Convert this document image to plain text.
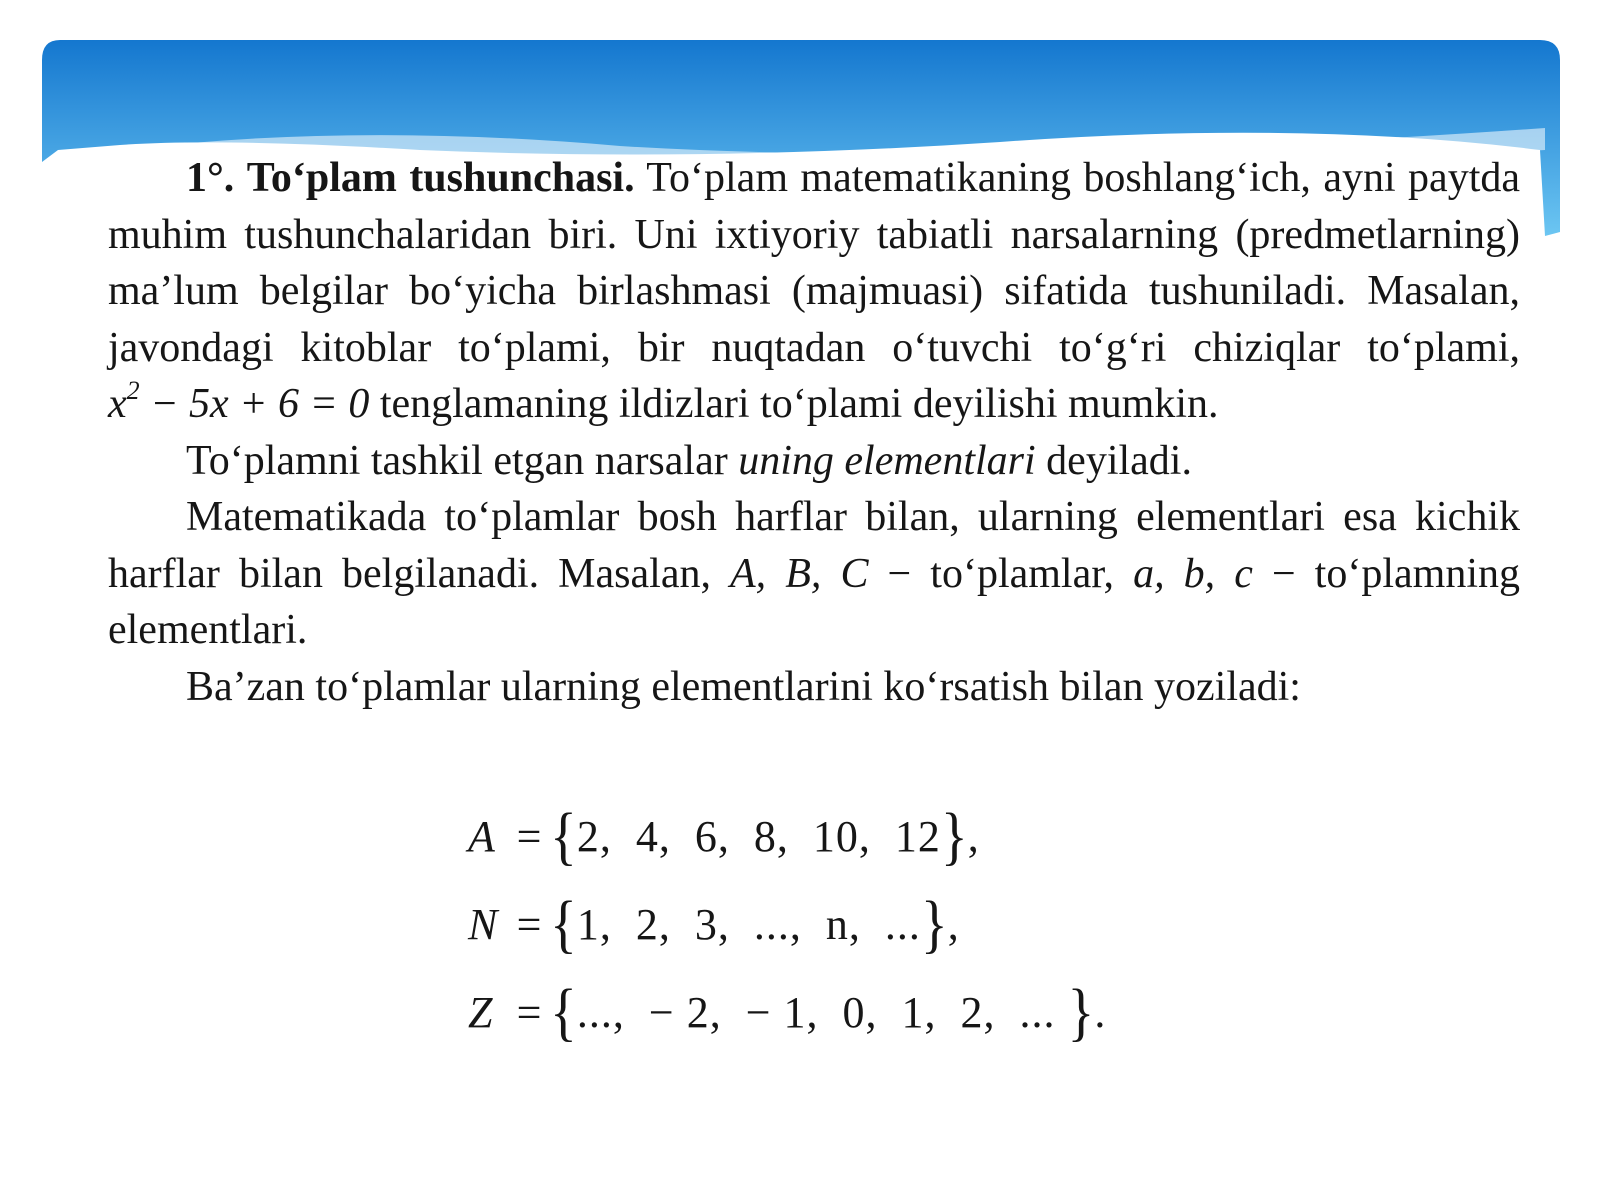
1°. To‘plam tushunchasi. To‘plam matematikaning boshlang‘ich, ayni paytda muhim tushunchalaridan biri. Uni ixtiyoriy tabiatli narsalarning (predmetlarning) ma’lum belgilar bo‘yicha birlashmasi (majmuasi) sifatida tushuniladi. Masalan, javondagi kitoblar to‘plami, bir nuqtadan o‘tuvchi to‘g‘ri chiziqlar to‘plami, $x^2 - 5x + 6 = 0$ tenglamaning ildizlari to‘plami deyilishi mumkin.

To‘plamni tashkil etgan narsalar uning elementlari deyiladi.

Matematikada to‘plamlar bosh harflar bilan, ularning elementlari esa kichik harflar bilan belgilanadi. Masalan, A, B, C − to‘plamlar, a, b, c − to‘plamning elementlari.

Ba’zan to‘plamlar ularning elementlarini ko‘rsatish bilan yoziladi:

A = { 2,  4,  6,  8,  10,  12 } ,
N = { 1,  2,  3,  ...,  n,  ... } ,
Z = { ...,  − 2,  − 1,  0,  1,  2,  ... } .
